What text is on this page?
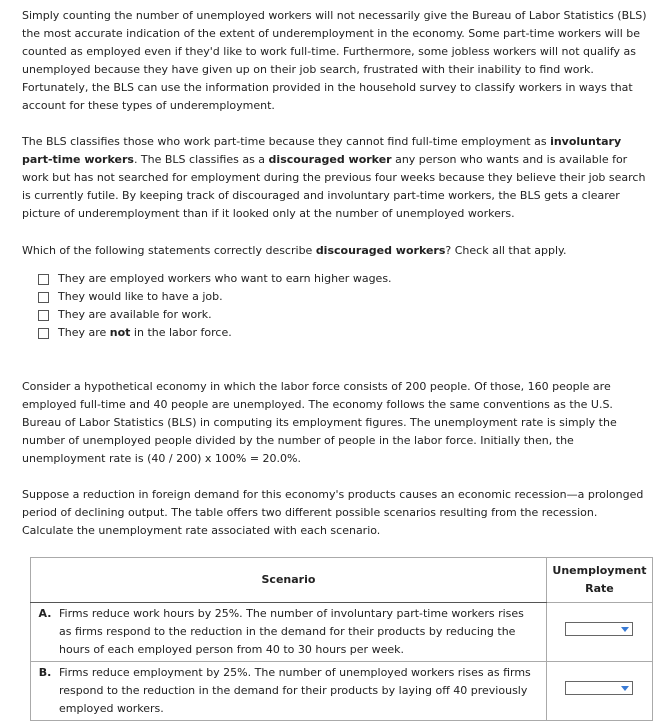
Simply counting the number of unemployed workers will not necessarily give the Bureau of Labor Statistics (BLS) the most accurate indication of the extent of underemployment in the economy. Some part-time workers will be counted as employed even if they'd like to work full-time. Furthermore, some jobless workers will not qualify as unemployed because they have given up on their job search, frustrated with their inability to find work. Fortunately, the BLS can use the information provided in the household survey to classify workers in ways that account for these types of underemployment.

The BLS classifies those who work part-time because they cannot find full-time employment as involuntary part-time workers. The BLS classifies as a discouraged worker any person who wants and is available for work but has not searched for employment during the previous four weeks because they believe their job search is currently futile. By keeping track of discouraged and involuntary part-time workers, the BLS gets a clearer picture of underemployment than if it looked only at the number of unemployed workers.

Which of the following statements correctly describe discouraged workers? Check all that apply.

They are employed workers who want to earn higher wages.
They would like to have a job.
They are available for work.
They are not in the labor force.

Consider a hypothetical economy in which the labor force consists of 200 people. Of those, 160 people are employed full-time and 40 people are unemployed. The economy follows the same conventions as the U.S. Bureau of Labor Statistics (BLS) in computing its employment figures. The unemployment rate is simply the number of unemployed people divided by the number of people in the labor force. Initially then, the unemployment rate is (40 / 200) x 100% = 20.0%.

Suppose a reduction in foreign demand for this economy's products causes an economic recession—a prolonged period of declining output. The table offers two different possible scenarios resulting from the recession. Calculate the unemployment rate associated with each scenario.

Scenario		Unemployment Rate
A.	Firms reduce work hours by 25%. The number of involuntary part-time workers rises as firms respond to the reduction in the demand for their products by reducing the hours of each employed person from 40 to 30 hours per week.	

B.	Firms reduce employment by 25%. The number of unemployed workers rises as firms respond to the reduction in the demand for their products by laying off 40 previously employed workers.	
